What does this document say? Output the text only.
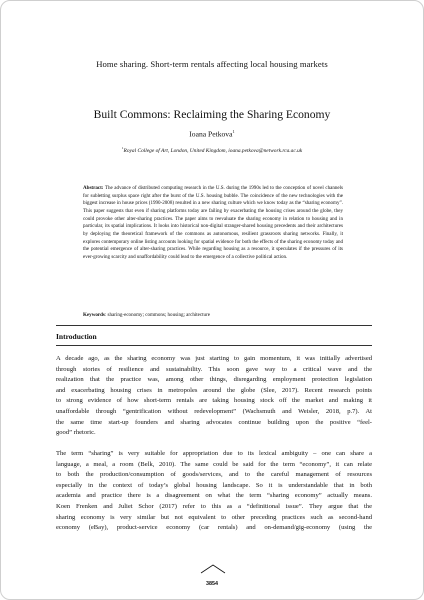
Home sharing. Short-term rentals affecting local housing markets
Built Commons: Reclaiming the Sharing Economy
Ioana Petkova$^1$
$^1$Royal College of Art, London, United Kingdom, ioana.petkova@network.rca.ac.uk
Abstract: The advance of distributed computing research in the U.S. during the 1990s led to the conception of novel channels for subletting surplus space right after the burst of the U.S. housing bubble. The coincidence of the new technologies with the biggest increase in house prices (1990-2008) resulted in a new sharing culture which we know today as the “sharing economy”. This paper suggests that even if sharing platforms today are failing by exacerbating the housing crises around the globe, they could provoke other alter-sharing practices. The paper aims to reevaluate the sharing economy in relation to housing and in particular, its spatial implications. It looks into historical non-digital stranger-shared housing precedents and their architectures by deploying the theoretical framework of the commons as autonomous, resilient grassroots sharing networks. Finally, it explores contemporary online listing accounts looking for spatial evidence for both the effects of the sharing economy today and the potential emergence of alter-sharing practices. While regarding housing as a resource, it speculates if the pressures of its ever-growing scarcity and unaffordability could lead to the emergence of a collective political action.
Keywords: sharing-economy; commons; housing; architecture
Introduction
A decade ago, as the sharing economy was just starting to gain momentum, it was initially advertised
through stories of resilience and sustainability. This soon gave way to a critical wave and the
realization that the practice was, among other things, disregarding employment protection legislation
and exacerbating housing crises in metropoles around the globe (Slee, 2017). Recent research points
to strong evidence of how short-term rentals are taking housing stock off the market and making it
unaffordable through “gentrification without redevelopment” (Wachsmuth and Weisler, 2018, p.7). At
the same time start-up founders and sharing advocates continue building upon the positive “feel-
good” rhetoric.
The term “sharing” is very suitable for appropriation due to its lexical ambiguity – one can share a
language, a meal, a room (Belk, 2010). The same could be said for the term “economy”, it can relate
to both the production/consumption of goods/services, and to the careful management of resources
especially in the context of today’s global housing landscape. So it is understandable that in both
academia and practice there is a disagreement on what the term “sharing economy” actually means.
Koen Frenken and Juliet Schor (2017) refer to this as a “definitional issue”. They argue that the
sharing economy is very similar but not equivalent to other preceding practices such as second-hand
economy (eBay), product-service economy (car rentals) and on-demand/gig-economy (using the
3854
